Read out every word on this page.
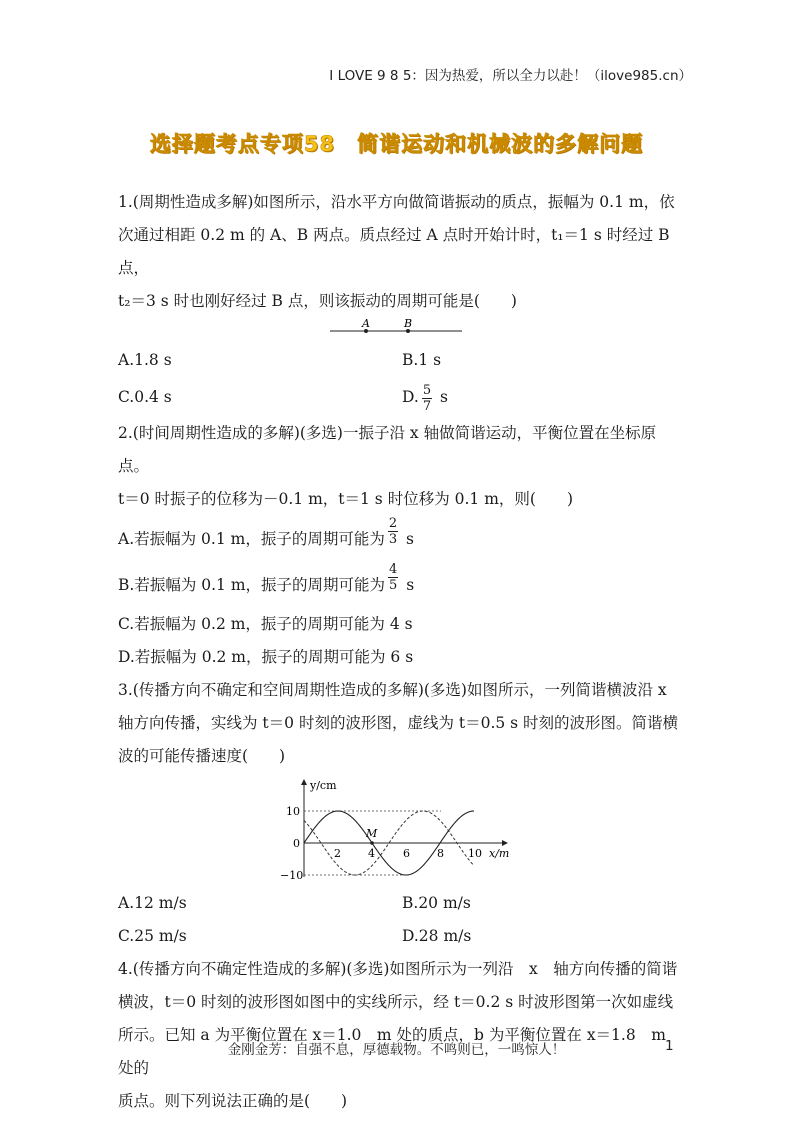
I LOVE 9 8 5：因为热爱，所以全力以赴！（ilove985.cn）
选择题考点专项58　简谐运动和机械波的多解问题

1.(周期性造成多解)如图所示，沿水平方向做简谐振动的质点，振幅为 0.1 m，依

次通过相距 0.2 m 的 A、B 两点。质点经过 A 点时开始计时，t₁＝1 s 时经过 B 点，

t₂＝3 s 时也刚好经过 B 点，则该振动的周期可能是(　　)

A	B
A.1.8 s	B.1 s
C.0.4 s	D. $\frac{5}{7}$ s

2.(时间周期性造成的多解)(多选)一振子沿 x 轴做简谐运动，平衡位置在坐标原点。

t＝0 时振子的位移为－0.1 m，t＝1 s 时位移为 0.1 m，则(　　)

A.若振幅为 0.1 m，振子的周期可能为 $\frac{2}{3}$
s
B.若振幅为 0.1 m，振子的周期可能为 $\frac{4}{5}$
s

C.若振幅为 0.2 m，振子的周期可能为 4 s

D.若振幅为 0.2 m，振子的周期可能为 6 s

3.(传播方向不确定和空间周期性造成的多解)(多选)如图所示，一列简谐横波沿 x

轴方向传播，实线为 t＝0 时刻的波形图，虚线为 t＝0.5 s 时刻的波形图。简谐横

波的可能传播速度(　　)

y/cm
x/m
10
0
−10
2 4	6 8 10
M
A.12 m/s	B.20 m/s
C.25 m/s	D.28 m/s

4.(传播方向不确定性造成的多解)(多选)如图所示为一列沿　x　轴方向传播的简谐

横波，t＝0 时刻的波形图如图中的实线所示，经 t＝0.2 s 时波形图第一次如虚线

所示。已知 a 为平衡位置在 x＝1.0　m 处的质点，b 为平衡位置在 x＝1.8　m 处的

质点。则下列说法正确的是(　　)

金刚金芳：自强不息，厚德载物。不鸣则已，一鸣惊人！	1
